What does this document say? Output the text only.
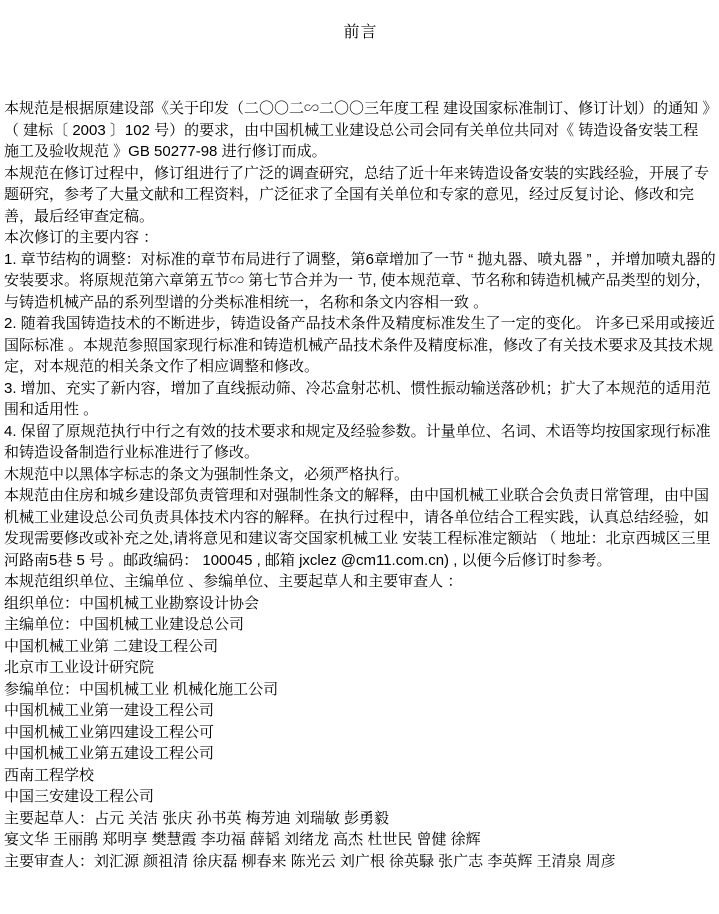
前言

本规范是根据原建设部《关于印发（二〇〇二∽二〇〇三年度工程 建设国家标准制订、修订计划）的通知 》（ 建标〔 2003 〕102 号）的要求，由中国机械工业建设总公司会同有关单位共同对《 铸造设备安装工程 施工及验收规范 》GB 50277-98 进行修订而成。

本规范在修订过程中，修订组进行了广泛的调查研究，总结了近十年来铸造设备安装的实践经验，开展了专题研究，参考了大量文献和工程资料，广泛征求了全国有关单位和专家的意见，经过反复讨论、修改和完善，最后经审查定稿。

本次修订的主要内容 ：

1. 章节结构的调整：对标准的章节布局进行了调整，第6章增加了一节 “ 抛丸器、喷丸器 ” ，并增加喷丸器的安装要求。将原规范第六章第五节∽ 第七节合并为一 节, 使本规范章、节名称和铸造机械产品类型的划分，与铸造机械产品的系列型谱的分类标准相统一，名称和条文内容相一致 。

2. 随着我国铸造技术的不断进步，铸造设备产品技术条件及精度标准发生了一定的变化。 许多已采用或接近国际标准 。本规范参照国家现行标准和铸造机械产品技术条件及精度标准，修改了有关技术要求及其技术规定，对本规范的相关条文作了相应调整和修改。

3. 增加、充实了新内容，增加了直线振动筛、冷芯盒射芯机、惯性振动输送落砂机；扩大了本规范的适用范围和适用性 。

4. 保留了原规范执行中行之有效的技术要求和规定及经验参数。计量单位、名词、术语等均按国家现行标准和铸造设备制造行业标准进行了修改。

木规范中以黑体字标志的条文为强制性条文，必须严格执行。

本规范由住房和城乡建设部负责管理和对强制性条文的解释，由中国机械工业联合会负责日常管理，由中国机械工业建设总公司负责具体技术内容的解释。在执行过程中，请各单位结合工程实践，认真总结经验，如发现需要修改或补充之处,请将意见和建议寄交国家机械工业 安装工程标准定额站 （ 地址：北京西城区三里河路南5巷 5 号 。邮政编码： 100045 , 邮箱 jxclez @cm11.com.cn) , 以便今后修订时参考。

本规范组织单位、主编单位 、参编单位、主要起草人和主要审查人 ：

组织单位：中国机械工业勘察设计协会

主编单位：中国机械工业建设总公司

中国机械工业第 二建设工程公司

北京市工业设计研究院

参编单位：中国机械工业 机械化施工公司

中国机械工业第一建设工程公司

中国机械工业第四建设工程公可

中国机械工业第五建设工程公司

西南工程学校

中国三安建设工程公司

主要起草人：占元 关洁 张庆 孙书英 梅芳迪 刘瑞敏 彭勇毅

宴文华 王丽鹃 郑明享 樊慧霞 李功福 薛韬 刘绪龙 高杰 杜世民 曾健 徐辉

主要审查人：刘汇源 颜祖清 徐庆磊 柳春来 陈光云 刘广根 徐英騄 张广志 李英辉 王清泉 周彦
